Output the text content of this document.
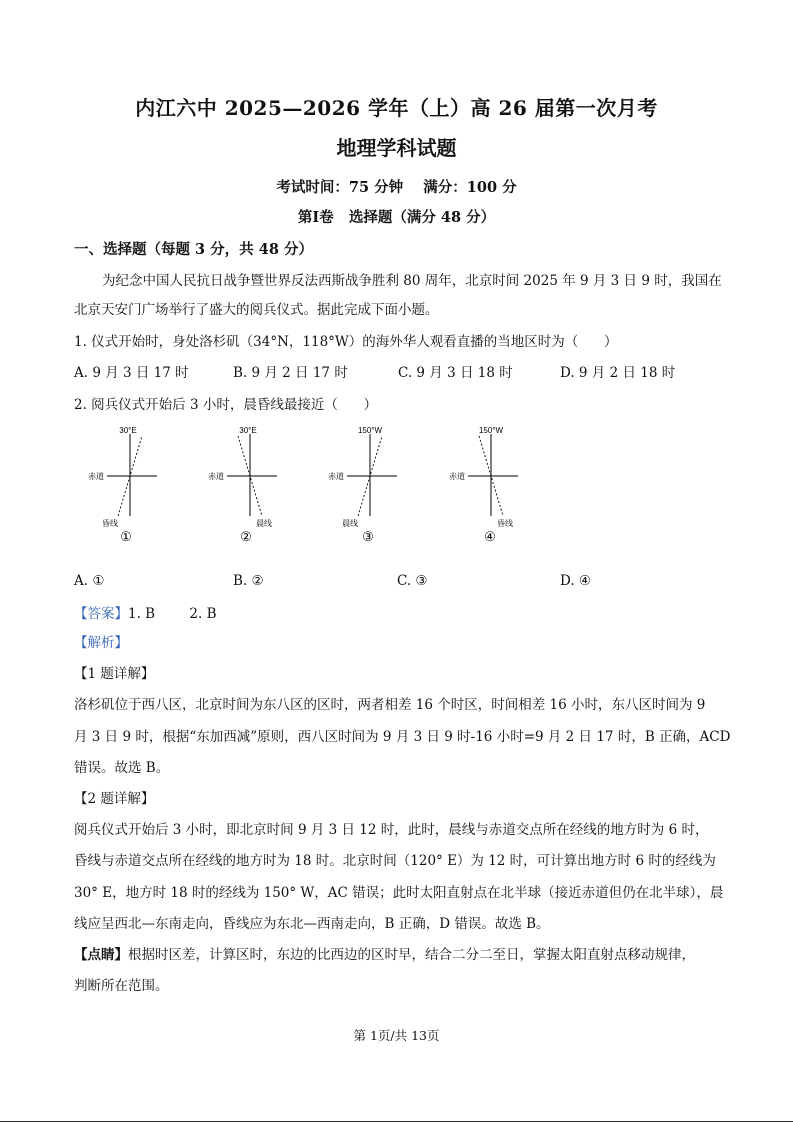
内江六中 2025—2026 学年（上）高 26 届第一次月考
地理学科试题
考试时间：75 分钟    满分：100 分
第Ⅰ卷   选择题（满分 48 分）
一、选择题（每题 3 分，共 48 分）
为纪念中国人民抗日战争暨世界反法西斯战争胜利 80 周年，北京时间 2025 年 9 月 3 日 9 时，我国在
北京天安门广场举行了盛大的阅兵仪式。据此完成下面小题。
1. 仪式开始时，身处洛杉矶（34°N，118°W）的海外华人观看直播的当地区时为（      ）
A. 9 月 3 日 17 时	B. 9 月 2 日 17 时	C. 9 月 3 日 18 时	D. 9 月 2 日 18 时
2. 阅兵仪式开始后 3 小时，晨昏线最接近（      ）
30°E
赤道
昏线
①
30°E
赤道
晨线
②
150°W
赤道
晨线
③
150°W
赤道
昏线
④
A. ①	B. ②	C. ③	D. ④
【答案】1. B        2. B
【解析】
【1 题详解】
洛杉矶位于西八区，北京时间为东八区的区时，两者相差 16 个时区，时间相差 16 小时，东八区时间为 9
月 3 日 9 时，根据“东加西减”原则，西八区时间为 9 月 3 日 9 时-16 小时=9 月 2 日 17 时，B 正确，ACD
错误。故选 B。
【2 题详解】
阅兵仪式开始后 3 小时，即北京时间 9 月 3 日 12 时，此时，晨线与赤道交点所在经线的地方时为 6 时，
昏线与赤道交点所在经线的地方时为 18 时。北京时间（120° E）为 12 时，可计算出地方时 6 时的经线为
30° E，地方时 18 时的经线为 150° W，AC 错误；此时太阳直射点在北半球（接近赤道但仍在北半球），晨
线应呈西北—东南走向，昏线应为东北—西南走向，B 正确，D 错误。故选 B。
【点睛】根据时区差，计算区时，东边的比西边的区时早，结合二分二至日，掌握太阳直射点移动规律，
判断所在范围。
第 1页/共 13页
